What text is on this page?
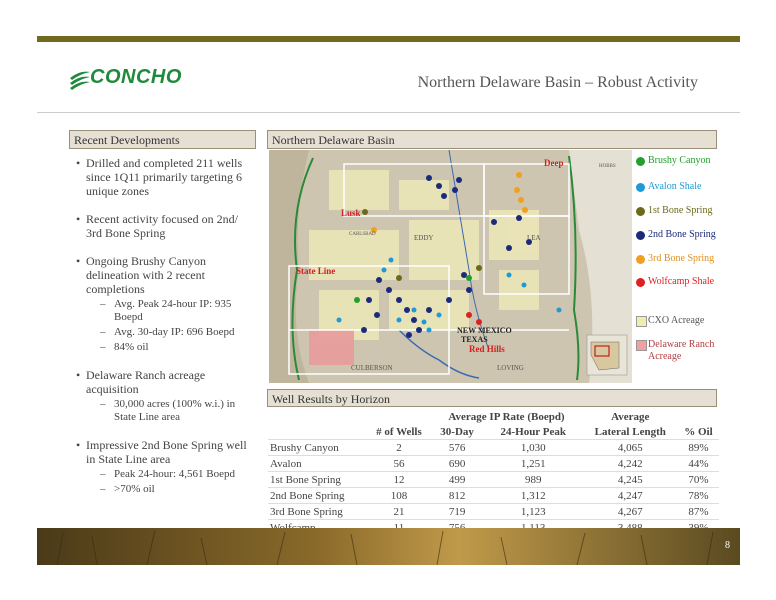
CONCHO	Northern Delaware Basin – Robust Activity
Recent Developments
• Drilled and completed 211 wells since 1Q11 primarily targeting 6 unique zones
• Recent activity focused on 2nd/ 3rd Bone Spring
• Ongoing Brushy Canyon delineation with 2 recent completions
– Avg. Peak 24-hour IP: 935 Boepd
– Avg. 30-day IP: 696 Boepd
– 84% oil
• Delaware Ranch acreage acquisition
– 30,000 acres (100% w.i.) in State Line area
• Impressive 2nd Bone Spring well in State Line area
– Peak 24-hour: 4,561 Boepd
– >70% oil
Northern Delaware Basin
Deep
Lusk
State Line
Red Hills
EDDY	LEA
NEW MEXICO
TEXAS
CULBERSON	LOVING
HOBBS
CARLSBAD
Brushy Canyon
Avalon Shale
1st Bone Spring
2nd Bone Spring
3rd Bone Spring
Wolfcamp Shale
CXO Acreage
Delaware Ranch Acreage
Well Results by Horizon
		Average IP Rate (Boepd)		Average	
	# of Wells	30-Day	24-Hour Peak	Lateral Length	% Oil
Brushy Canyon	2	576	1,030	4,065	89%
Avalon	56	690	1,251	4,242	44%
1st Bone Spring	12	499	989	4,245	70%
2nd Bone Spring	108	812	1,312	4,247	78%
3rd Bone Spring	21	719	1,123	4,267	87%

8
